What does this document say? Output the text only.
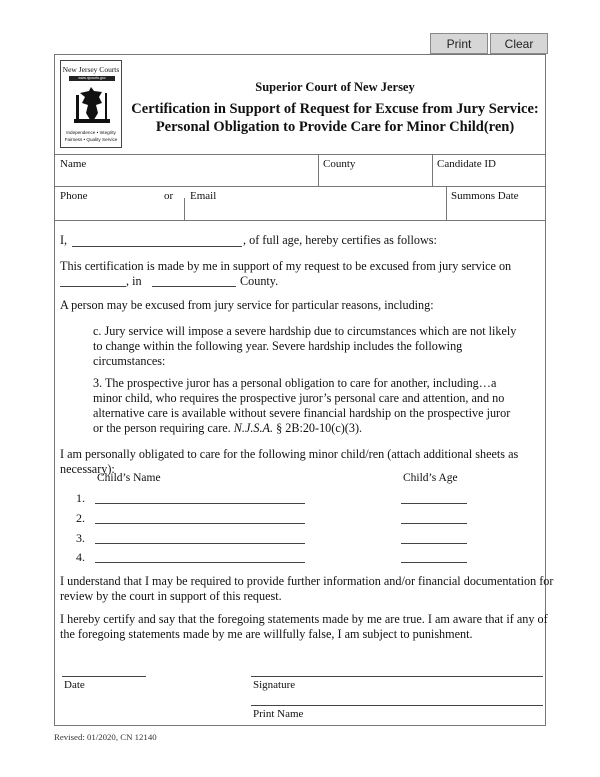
Print	Clear
New Jersey Courts
www.njcourts.gov
Independence • Integrity
Fairness • Quality Service
Superior Court of New Jersey
Certification in Support of Request for Excuse from Jury Service:
Personal Obligation to Provide Care for Minor Child(ren)
Name	County	Candidate ID
Phone	or Email	Summons Date
I,	, of full age, hereby certifies as follows:
This certification is made by me in support of my request to be excused from jury service on
, in	County.
A person may be excused from jury service for particular reasons, including:
c. Jury service will impose a severe hardship due to circumstances which are not likely
to change within the following year. Severe hardship includes the following
circumstances:
3. The prospective juror has a personal obligation to care for another, including…a
minor child, who requires the prospective juror’s personal care and attention, and no
alternative care is available without severe financial hardship on the prospective juror
or the person requiring care. N.J.S.A. § 2B:20-10(c)(3).
I am personally obligated to care for the following minor child/ren (attach additional sheets as
necessary):
Child’s Name	Child’s Age
1.
2.
3.
4.
I understand that I may be required to provide further information and/or financial documentation for
review by the court in support of this request.
I hereby certify and say that the foregoing statements made by me are true. I am aware that if any of
the foregoing statements made by me are willfully false, I am subject to punishment.
Date	Signature
Print Name
Revised: 01/2020, CN 12140
